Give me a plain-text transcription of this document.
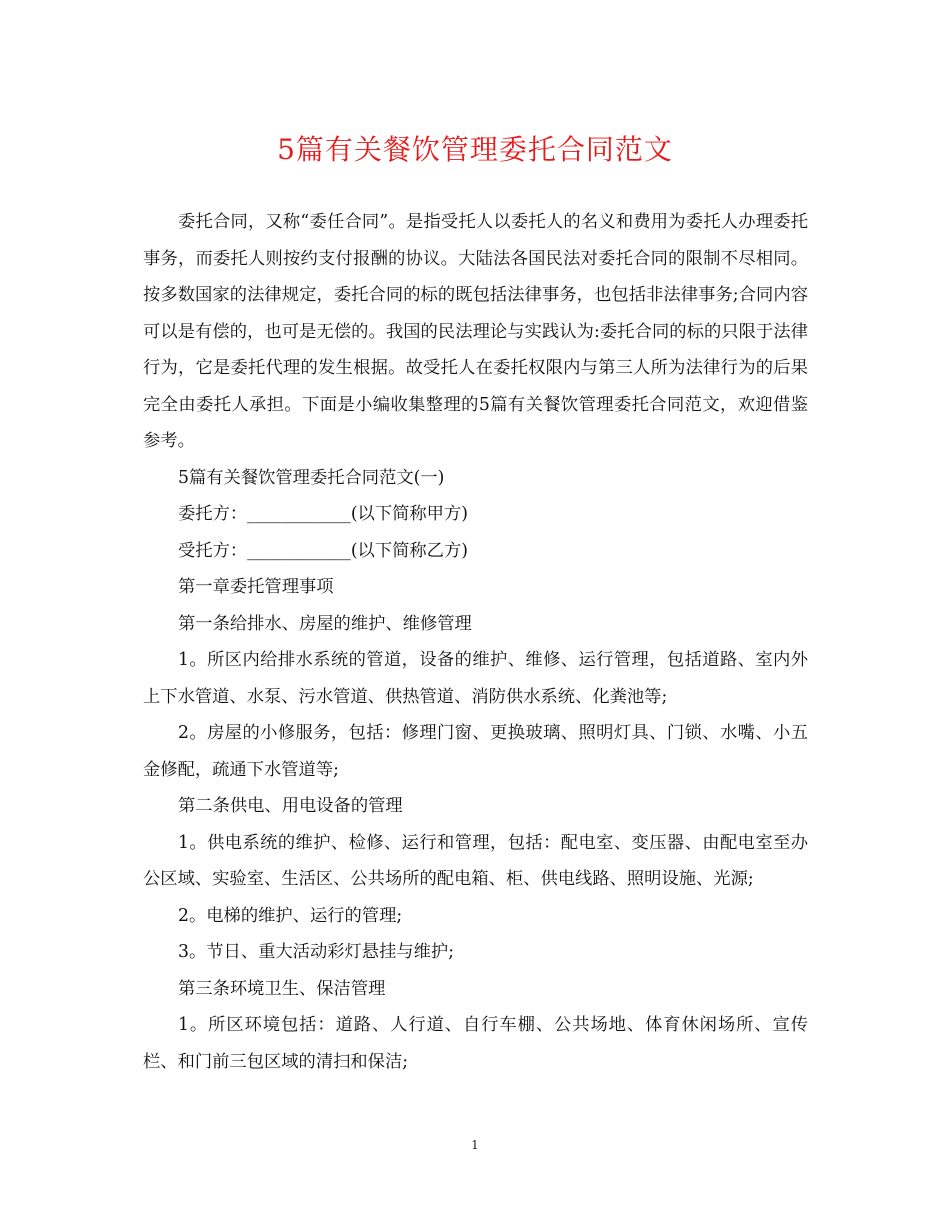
5篇有关餐饮管理委托合同范文

委托合同，又称“委任合同”。是指受托人以委托人的名义和费用为委托人办理委托事务，而委托人则按约支付报酬的协议。大陆法各国民法对委托合同的限制不尽相同。按多数国家的法律规定，委托合同的标的既包括法律事务，也包括非法律事务;合同内容可以是有偿的，也可是无偿的。我国的民法理论与实践认为:委托合同的标的只限于法律行为，它是委托代理的发生根据。故受托人在委托权限内与第三人所为法律行为的后果完全由委托人承担。下面是小编收集整理的5篇有关餐饮管理委托合同范文，欢迎借鉴参考。

5篇有关餐饮管理委托合同范文(一)

委托方：____________(以下简称甲方)

受托方：____________(以下简称乙方)

第一章委托管理事项

第一条给排水、房屋的维护、维修管理

1。所区内给排水系统的管道，设备的维护、维修、运行管理，包括道路、室内外上下水管道、水泵、污水管道、供热管道、消防供水系统、化粪池等;

2。房屋的小修服务，包括：修理门窗、更换玻璃、照明灯具、门锁、水嘴、小五金修配，疏通下水管道等;

第二条供电、用电设备的管理

1。供电系统的维护、检修、运行和管理，包括：配电室、变压器、由配电室至办公区域、实验室、生活区、公共场所的配电箱、柜、供电线路、照明设施、光源;

2。电梯的维护、运行的管理;

3。节日、重大活动彩灯悬挂与维护;

第三条环境卫生、保洁管理

1。所区环境包括：道路、人行道、自行车棚、公共场地、体育休闲场所、宣传栏、和门前三包区域的清扫和保洁;

1
